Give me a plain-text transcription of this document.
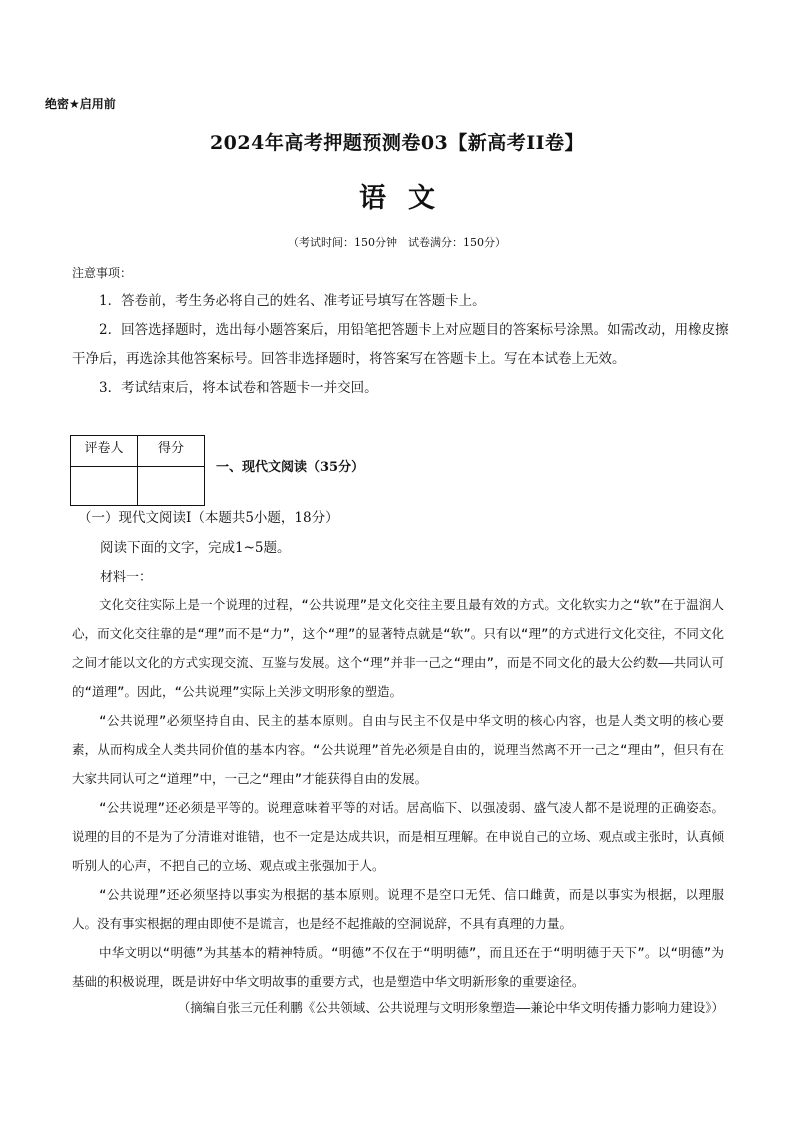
绝密★启用前
2024年高考押题预测卷03【新高考II卷】
语文
（考试时间：150分钟　试卷满分：150分）
注意事项：

1．答卷前，考生务必将自己的姓名、准考证号填写在答题卡上。

2．回答选择题时，选出每小题答案后，用铅笔把答题卡上对应题目的答案标号涂黑。如需改动，用橡皮擦干净后，再选涂其他答案标号。回答非选择题时，将答案写在答题卡上。写在本试卷上无效。

3．考试结束后，将本试卷和答题卡一并交回。

评卷人	得分

一、现代文阅读（35分）
（一）现代文阅读I（本题共5小题，18分）
阅读下面的文字，完成1~5题。
材料一：

文化交往实际上是一个说理的过程，“公共说理”是文化交往主要且最有效的方式。文化软实力之“软”在于温润人心，而文化交往靠的是“理”而不是“力”，这个“理”的显著特点就是“软”。只有以“理”的方式进行文化交往，不同文化之间才能以文化的方式实现交流、互鉴与发展。这个“理”并非一己之“理由”，而是不同文化的最大公约数——共同认可的“道理”。因此，“公共说理”实际上关涉文明形象的塑造。

“公共说理”必须坚持自由、民主的基本原则。自由与民主不仅是中华文明的核心内容，也是人类文明的核心要素，从而构成全人类共同价值的基本内容。“公共说理”首先必须是自由的，说理当然离不开一己之“理由”，但只有在大家共同认可之“道理”中，一己之“理由”才能获得自由的发展。

“公共说理”还必须是平等的。说理意味着平等的对话。居高临下、以强凌弱、盛气凌人都不是说理的正确姿态。说理的目的不是为了分清谁对谁错，也不一定是达成共识，而是相互理解。在申说自己的立场、观点或主张时，认真倾听别人的心声，不把自己的立场、观点或主张强加于人。

“公共说理”还必须坚持以事实为根据的基本原则。说理不是空口无凭、信口雌黄，而是以事实为根据，以理服人。没有事实根据的理由即使不是谎言，也是经不起推敲的空洞说辞，不具有真理的力量。

中华文明以“明德”为其基本的精神特质。“明德”不仅在于“明明德”，而且还在于“明明德于天下”。以“明德”为基础的积极说理，既是讲好中华文明故事的重要方式，也是塑造中华文明新形象的重要途径。

（摘编自张三元任利鹏《公共领域、公共说理与文明形象塑造——兼论中华文明传播力影响力建设》）
